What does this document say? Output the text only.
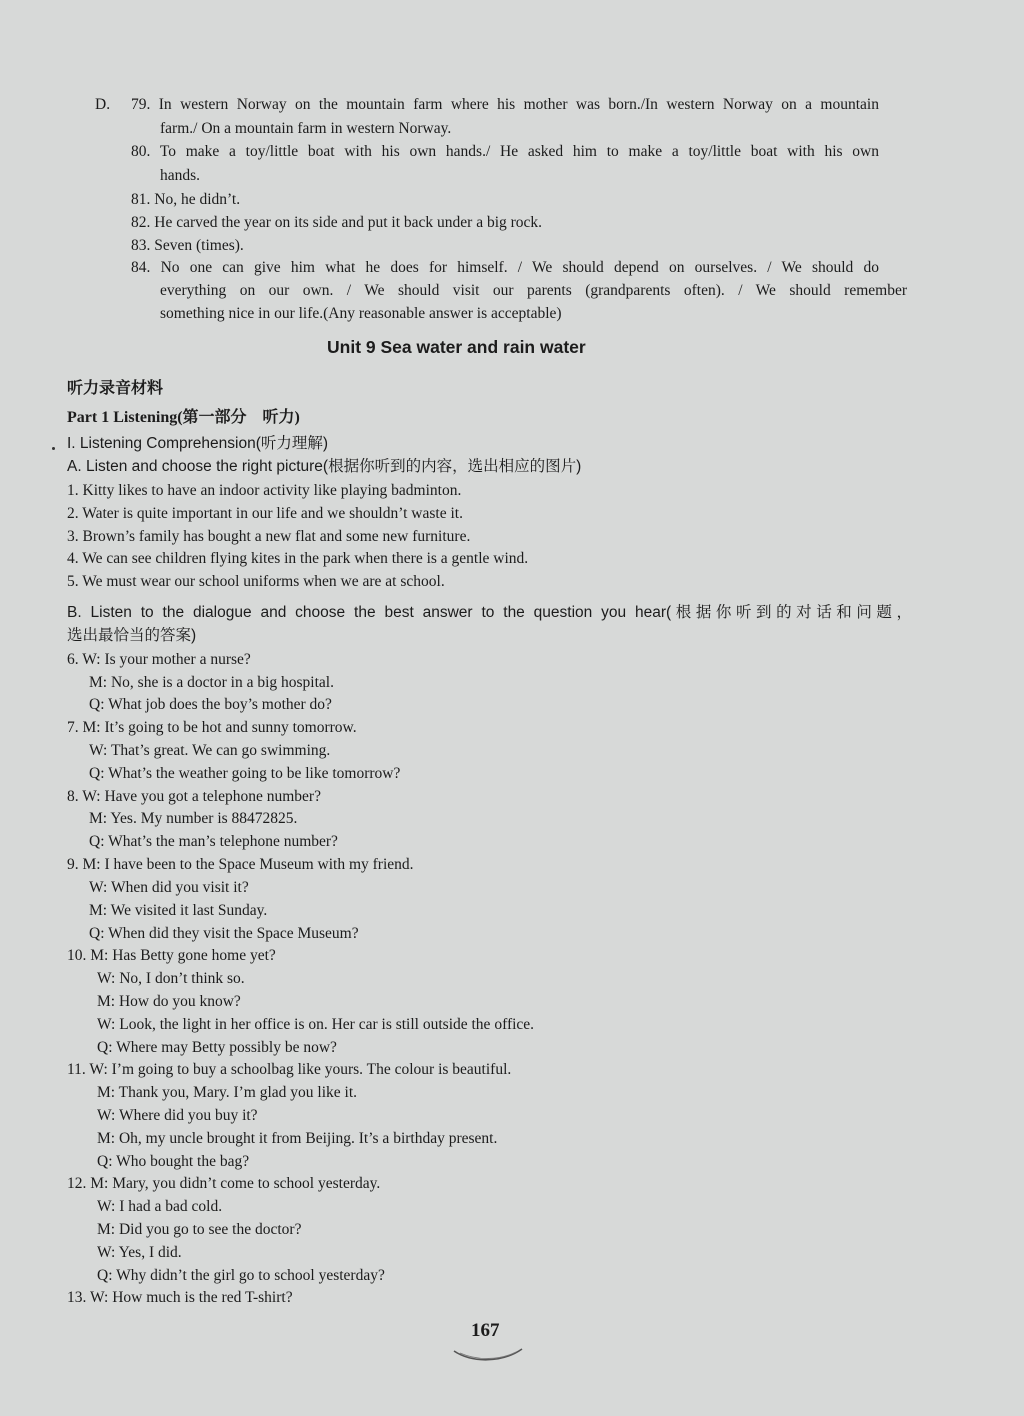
D. 79. In western Norway on the mountain farm where his mother was born./In western Norway on a mountain
farm./ On a mountain farm in western Norway.
80. To make a toy/little boat with his own hands./ He asked him to make a toy/little boat with his own
hands.
81. No, he didn’t.
82. He carved the year on its side and put it back under a big rock.
83. Seven (times).
84. No one can give him what he does for himself. / We should depend on ourselves. / We should do
everything on our own. / We should visit our parents (grandparents often). / We should remember
something nice in our life.(Any reasonable answer is acceptable)
Unit 9 Sea water and rain water
听力录音材料
Part 1 Listening(第一部分　听力)
I. Listening Comprehension(听力理解)
A. Listen and choose the right picture(根据你听到的内容，选出相应的图片)
1. Kitty likes to have an indoor activity like playing badminton.
2. Water is quite important in our life and we shouldn’t waste it.
3. Brown’s family has bought a new flat and some new furniture.
4. We can see children flying kites in the park when there is a gentle wind.
5. We must wear our school uniforms when we are at school.
B. Listen to the dialogue and choose the best answer to the question you hear(根据你听到的对话和问题，
选出最恰当的答案)
6. W: Is your mother a nurse?
M: No, she is a doctor in a big hospital.
Q: What job does the boy’s mother do?
7. M: It’s going to be hot and sunny tomorrow.
W: That’s great. We can go swimming.
Q: What’s the weather going to be like tomorrow?
8. W: Have you got a telephone number?
M: Yes. My number is 88472825.
Q: What’s the man’s telephone number?
9. M: I have been to the Space Museum with my friend.
W: When did you visit it?
M: We visited it last Sunday.
Q: When did they visit the Space Museum?
10. M: Has Betty gone home yet?
W: No, I don’t think so.
M: How do you know?
W: Look, the light in her office is on. Her car is still outside the office.
Q: Where may Betty possibly be now?
11. W: I’m going to buy a schoolbag like yours. The colour is beautiful.
M: Thank you, Mary. I’m glad you like it.
W: Where did you buy it?
M: Oh, my uncle brought it from Beijing. It’s a birthday present.
Q: Who bought the bag?
12. M: Mary, you didn’t come to school yesterday.
W: I had a bad cold.
M: Did you go to see the doctor?
W: Yes, I did.
Q: Why didn’t the girl go to school yesterday?
13. W: How much is the red T-shirt?
167
